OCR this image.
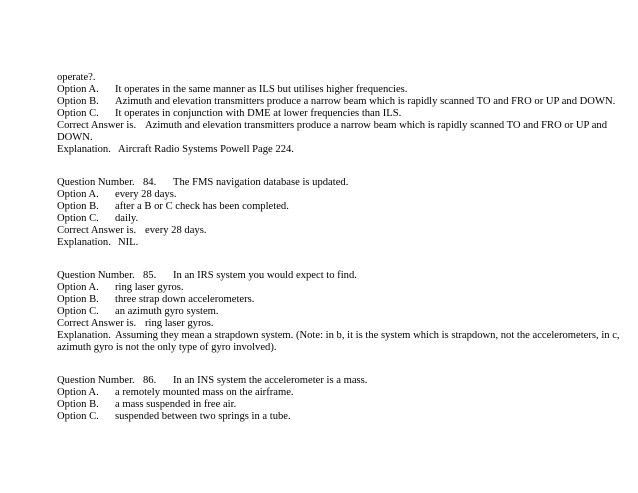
operate?.
Option A. It operates in the same manner as ILS but utilises higher frequencies.
Option B. Azimuth and elevation transmitters produce a narrow beam which is rapidly scanned TO and FRO or UP and DOWN.
Option C. It operates in conjunction with DME at lower frequencies than ILS.
Correct Answer is. Azimuth and elevation transmitters produce a narrow beam which is rapidly scanned TO and FRO or UP and
DOWN.
Explanation. Aircraft Radio Systems Powell Page 224.
Question Number. 84. The FMS navigation database is updated.
Option A. every 28 days.
Option B. after a B or C check has been completed.
Option C. daily.
Correct Answer is. every 28 days.
Explanation. NIL.
Question Number. 85. In an IRS system you would expect to find.
Option A. ring laser gyros.
Option B. three strap down accelerometers.
Option C. an azimuth gyro system.
Correct Answer is. ring laser gyros.
Explanation. Assuming they mean a strapdown system. (Note: in b, it is the system which is strapdown, not the accelerometers, in c,
azimuth gyro is not the only type of gyro involved).
Question Number. 86. In an INS system the accelerometer is a mass.
Option A. a remotely mounted mass on the airframe.
Option B. a mass suspended in free air.
Option C. suspended between two springs in a tube.
